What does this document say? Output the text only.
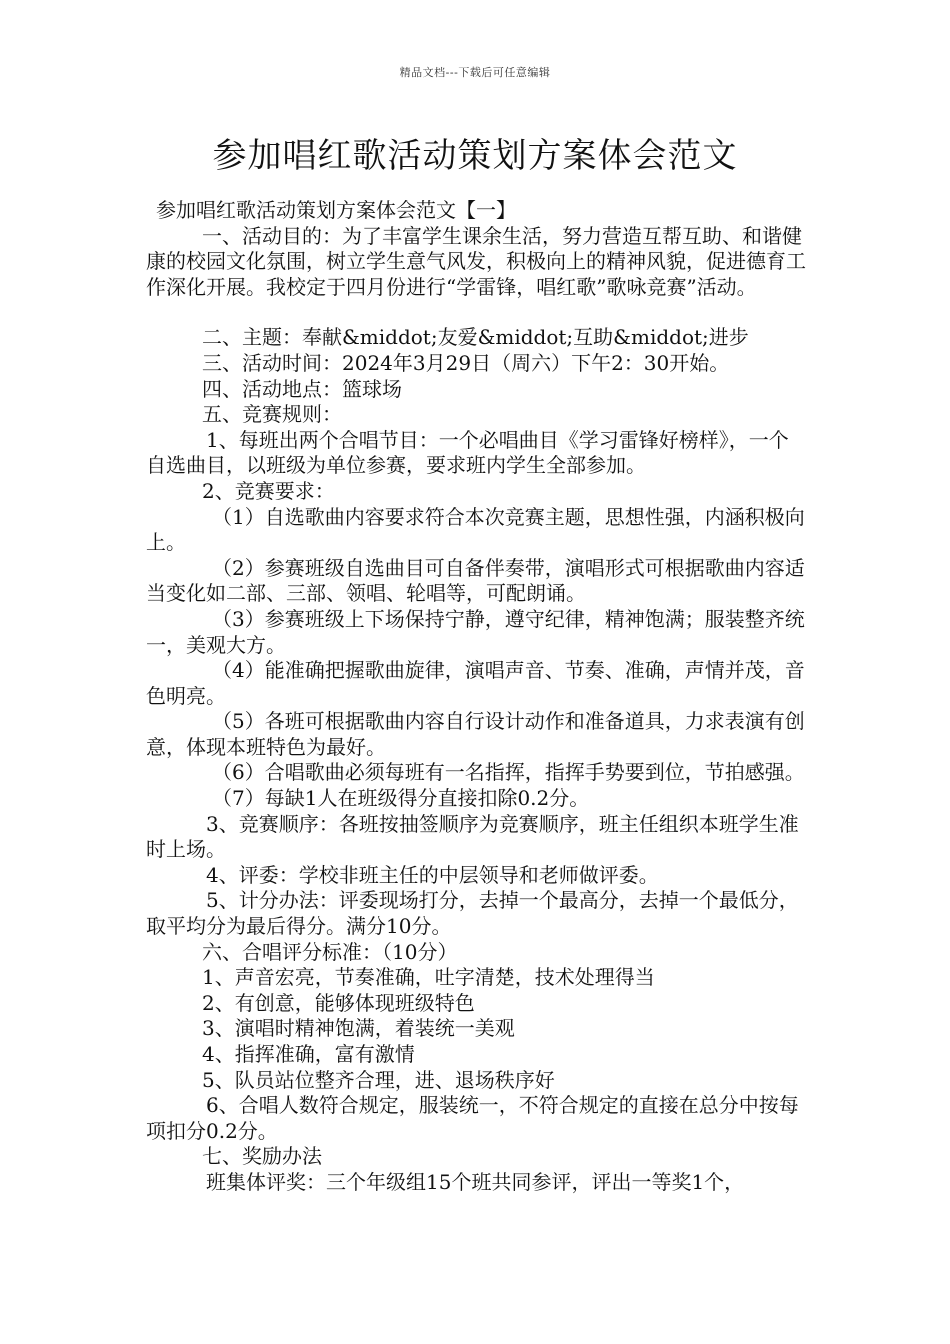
精品文档---下载后可任意编辑
参加唱红歌活动策划方案体会范文

参加唱红歌活动策划方案体会范文【一】

一、活动目的：为了丰富学生课余生活，努力营造互帮互助、和谐健康的校园文化氛围，树立学生意气风发，积极向上的精神风貌，促进德育工作深化开展。我校定于四月份进行“学雷锋，唱红歌”歌咏竞赛”活动。

二、主题：奉献&middot;友爱&middot;互助&middot;进步

三、活动时间：2024年3月29日（周六）下午2：30开始。

四、活动地点：篮球场

五、竞赛规则：

1、每班出两个合唱节目：一个必唱曲目《学习雷锋好榜样》，一个自选曲目，以班级为单位参赛，要求班内学生全部参加。

2、竞赛要求：

（1）自选歌曲内容要求符合本次竞赛主题，思想性强，内涵积极向上。

（2）参赛班级自选曲目可自备伴奏带，演唱形式可根据歌曲内容适当变化如二部、三部、领唱、轮唱等，可配朗诵。

（3）参赛班级上下场保持宁静，遵守纪律，精神饱满；服装整齐统一，美观大方。

（4）能准确把握歌曲旋律，演唱声音、节奏、准确，声情并茂，音色明亮。

（5）各班可根据歌曲内容自行设计动作和准备道具，力求表演有创意，体现本班特色为最好。

（6）合唱歌曲必须每班有一名指挥，指挥手势要到位，节拍感强。

（7）每缺1人在班级得分直接扣除0.2分。

3、竞赛顺序：各班按抽签顺序为竞赛顺序，班主任组织本班学生准时上场。

4、评委：学校非班主任的中层领导和老师做评委。

5、计分办法：评委现场打分，去掉一个最高分，去掉一个最低分，取平均分为最后得分。满分10分。

六、合唱评分标准：（10分）

1、声音宏亮，节奏准确，吐字清楚，技术处理得当

2、有创意，能够体现班级特色

3、演唱时精神饱满，着装统一美观

4、指挥准确，富有激情

5、队员站位整齐合理，进、退场秩序好

6、合唱人数符合规定，服装统一，不符合规定的直接在总分中按每项扣分0.2分。

七、奖励办法

班集体评奖：三个年级组15个班共同参评，评出一等奖1个，
